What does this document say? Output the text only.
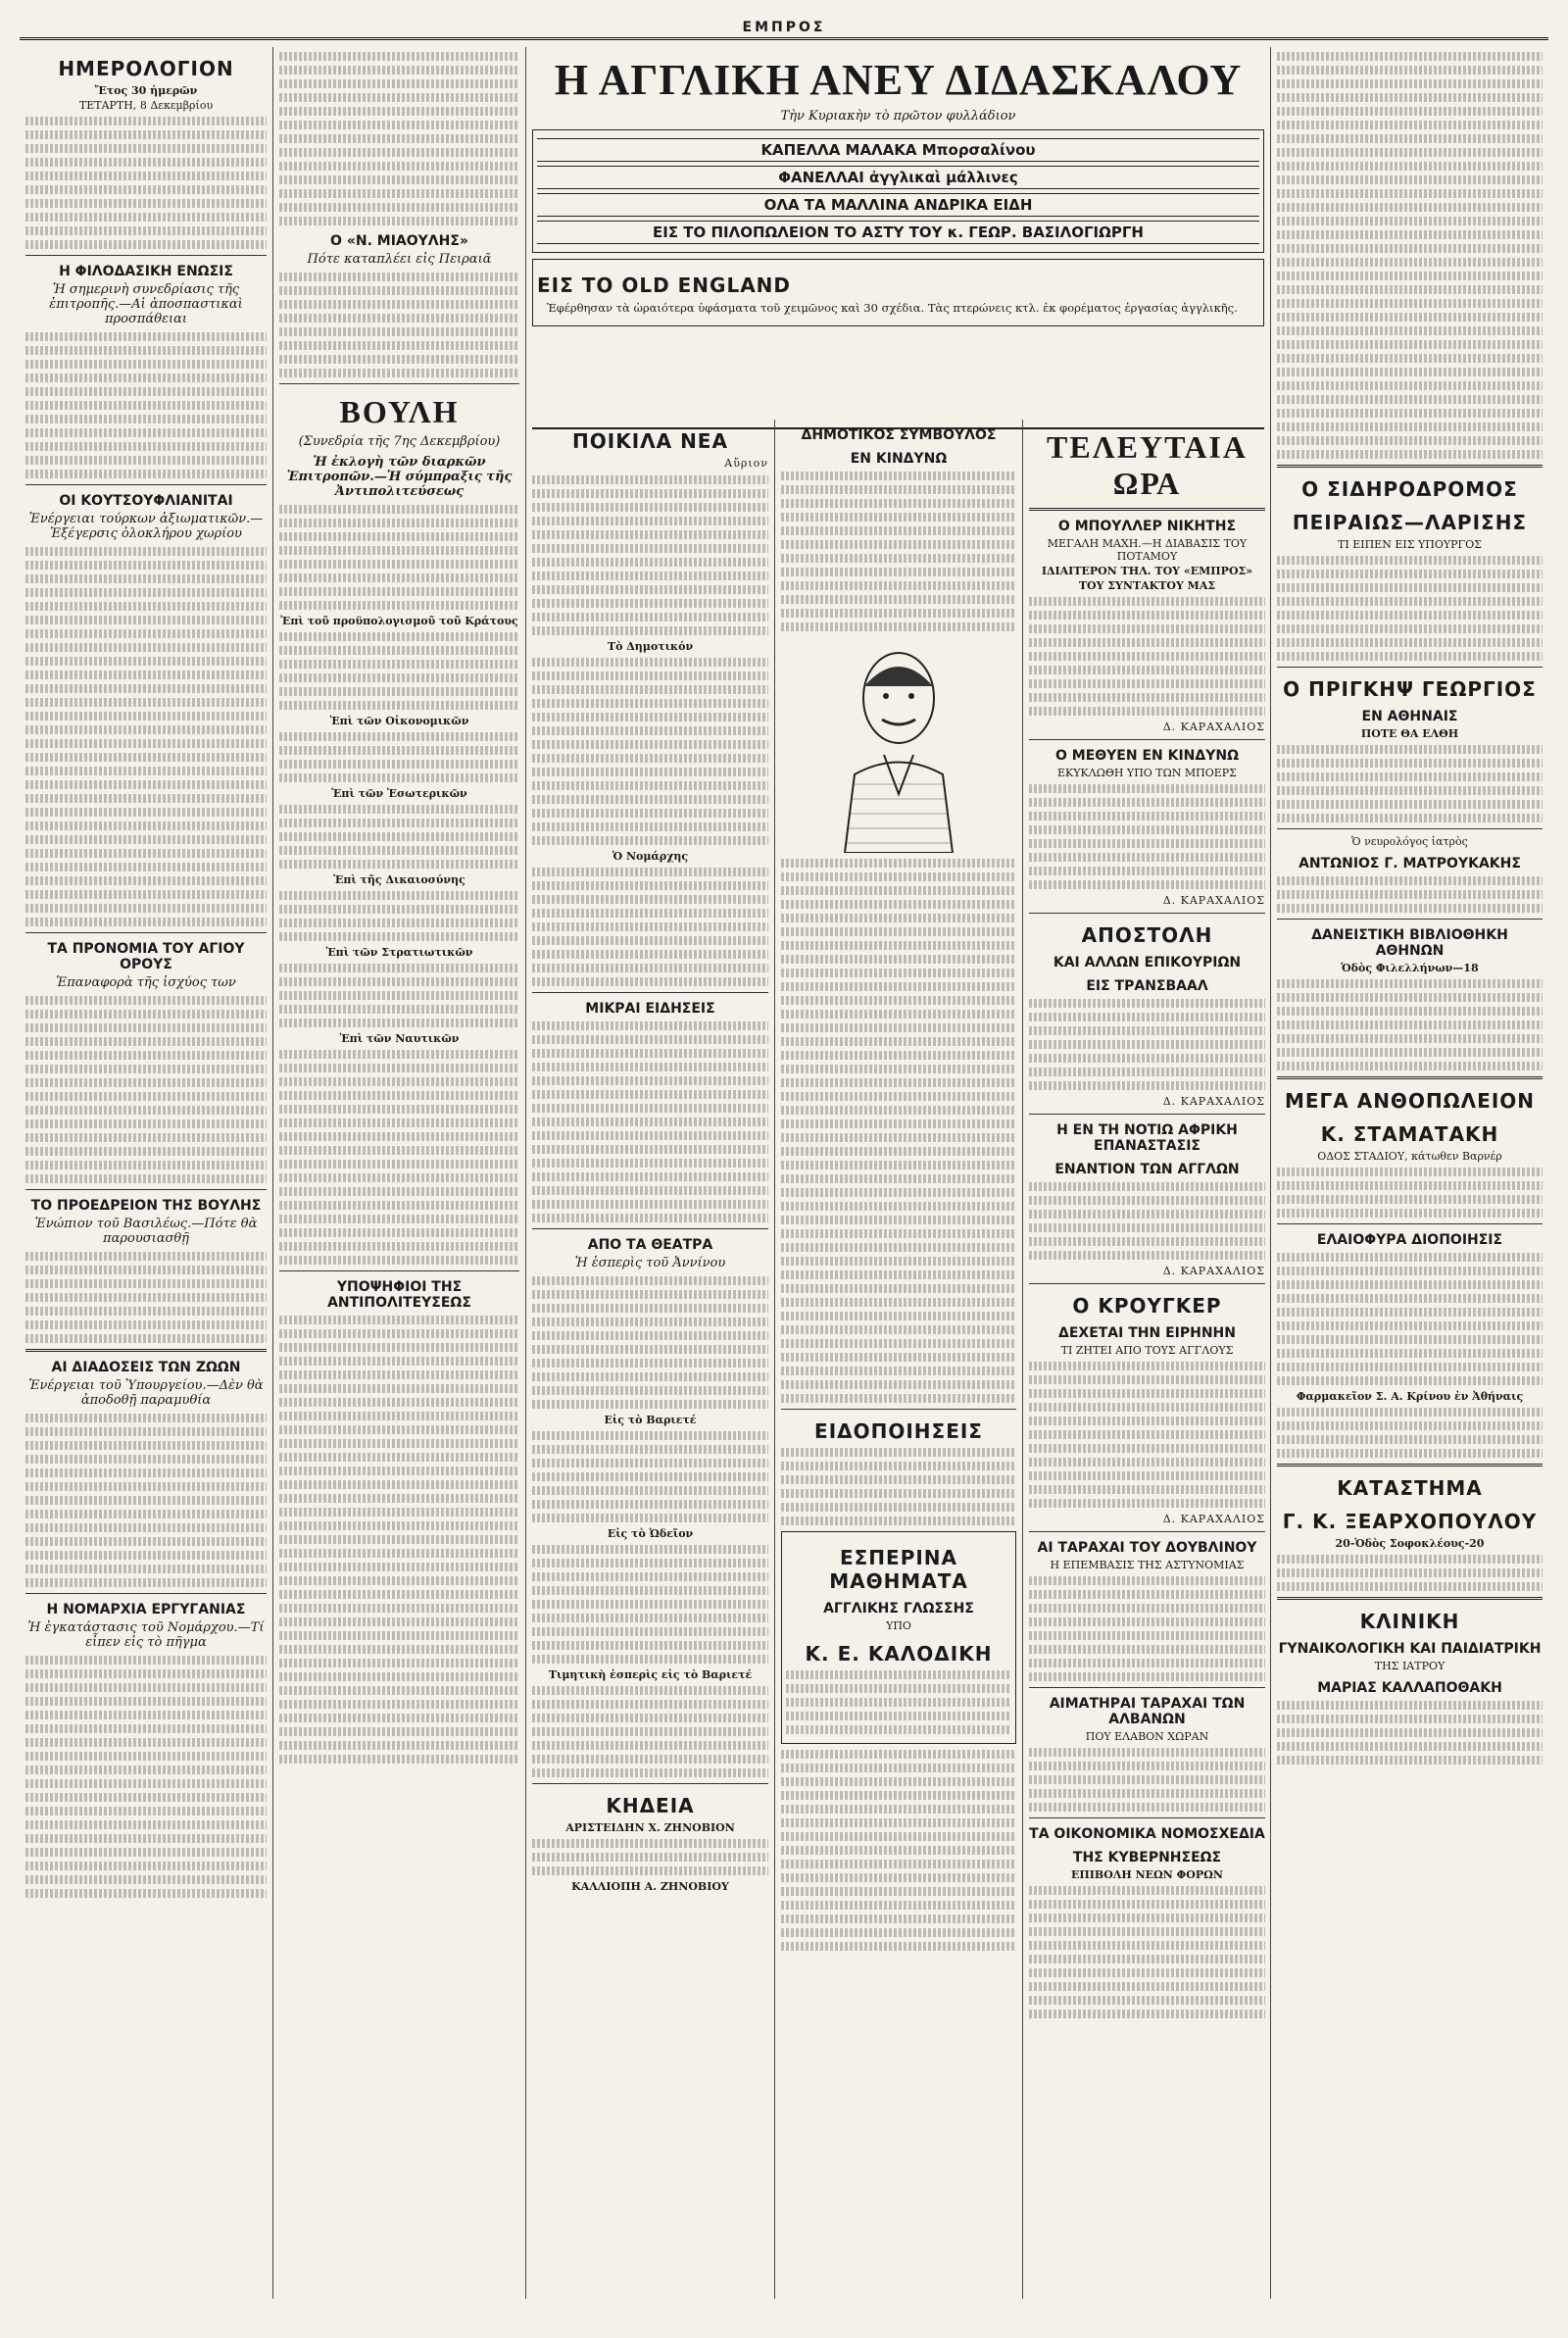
ΕΜΠΡΟΣ
ΗΜΕΡΟΛΟΓΙΟΝ

Ἔτος 30 ἡμερῶν

ΤΕΤΑΡΤΗ, 8 Δεκεμβρίου

Η ΦΙΛΟΔΑΣΙΚΗ ΕΝΩΣΙΣ

Ἡ σημερινὴ συνεδρίασις τῆς ἐπιτροπῆς.—Αἱ ἀποσπαστικαὶ προσπάθειαι

ΟΙ ΚΟΥΤΣΟΥΦΛΙΑΝΙΤΑΙ

Ἐνέργειαι τούρκων ἀξιωματικῶν.—Ἐξέγερσις ὁλοκλήρου χωρίου

ΤΑ ΠΡΟΝΟΜΙΑ ΤΟΥ ΑΓΙΟΥ ΟΡΟΥΣ

Ἐπαναφορὰ τῆς ἰσχύος των

ΤΟ ΠΡΟΕΔΡΕΙΟΝ ΤΗΣ ΒΟΥΛΗΣ

Ἐνώπιον τοῦ Βασιλέως.—Πότε θὰ παρουσιασθῇ

ΑΙ ΔΙΑΔΟΣΕΙΣ ΤΩΝ ΖΩΩΝ

Ἐνέργειαι τοῦ Ὑπουργείου.—Δὲν θὰ ἀποδοθῇ παραμυθία

Η ΝΟΜΑΡΧΙΑ ΕΡΓΥΓΑΝΙΑΣ

Ἡ ἐγκατάστασις τοῦ Νομάρχου.—Τί εἶπεν εἰς τὸ πῆγμα

Ο «Ν. ΜΙΑΟΥΛΗΣ»

Πότε καταπλέει εἰς Πειραιᾶ

ΒΟΥΛΗ

(Συνεδρία τῆς 7ης Δεκεμβρίου)

Ἡ ἐκλογὴ τῶν διαρκῶν Ἐπιτροπῶν.—Ἡ σύμπραξις τῆς Ἀντιπολιτεύσεως

Ἐπὶ τοῦ προϋπολογισμοῦ τοῦ Κράτους

Ἐπὶ τῶν Οἰκονομικῶν

Ἐπὶ τῶν Ἐσωτερικῶν

Ἐπὶ τῆς Δικαιοσύνης

Ἐπὶ τῶν Στρατιωτικῶν

Ἐπὶ τῶν Ναυτικῶν

ΥΠΟΨΗΦΙΟΙ ΤΗΣ ΑΝΤΙΠΟΛΙΤΕΥΣΕΩΣ
Η ΑΓΓΛΙΚΗ ΑΝΕΥ ΔΙΔΑΣΚΑΛΟΥ

Τὴν Κυριακὴν τὸ πρῶτον φυλλάδιον

ΚΑΠΕΛΛΑ ΜΑΛΑΚΑ Μπορσαλίνου
ΦΑΝΕΛΛΑΙ ἀγγλικαὶ μάλλινες
ΟΛΑ ΤΑ ΜΑΛΛΙΝΑ ΑΝΔΡΙΚΑ ΕΙΔΗ
ΕΙΣ ΤΟ ΠΙΛΟΠΩΛΕΙΟΝ ΤΟ ΑΣΤΥ ΤΟΥ κ. ΓΕΩΡ. ΒΑΣΙΛΟΓΙΩΡΓΗ
ΕΙΣ ΤΟ OLD ENGLAND

Ἐφέρθησαν τὰ ὡραιότερα ὑφάσματα τοῦ χειμῶνος καὶ 30 σχέδια. Τὰς πτερώνεις κτλ. ἐκ φορέματος ἐργασίας ἀγγλικῆς.

ΠΟΙΚΙΛΑ ΝΕΑ

Αὔριον

Τὸ Δημοτικόν

Ὁ Νομάρχης

ΜΙΚΡΑΙ ΕΙΔΗΣΕΙΣ
ΑΠΟ ΤΑ ΘΕΑΤΡΑ

Ἡ ἑσπερὶς τοῦ Ἀννίνου

Εἰς τὸ Βαριετέ

Εἰς τὸ Ὠδεῖον

Τιμητικὴ ἑσπερὶς εἰς τὸ Βαριετέ

ΚΗΔΕΙΑ

ΑΡΙΣΤΕΙΔΗΝ Χ. ΖΗΝΟΒΙΟΝ

ΚΑΛΛΙΟΠΗ Α. ΖΗΝΟΒΙΟΥ

ΔΗΜΟΤΙΚΟΣ ΣΥΜΒΟΥΛΟΣ
ΕΝ ΚΙΝΔΥΝΩ
ΕΙΔΟΠΟΙΗΣΕΙΣ
ΕΣΠΕΡΙΝΑ ΜΑΘΗΜΑΤΑ
ΑΓΓΛΙΚΗΣ ΓΛΩΣΣΗΣ

ΥΠΟ

Κ. Ε. ΚΑΛΟΔΙΚΗ
ΤΕΛΕΥΤΑΙΑ ΩΡΑ
Ο ΜΠΟΥΛΛΕΡ ΝΙΚΗΤΗΣ

ΜΕΓΑΛΗ ΜΑΧΗ.—Η ΔΙΑΒΑΣΙΣ ΤΟΥ ΠΟΤΑΜΟΥ

ΙΔΙΑΙΤΕΡΟΝ ΤΗΛ. ΤΟΥ «ΕΜΠΡΟΣ»

ΤΟΥ ΣΥΝΤΑΚΤΟΥ ΜΑΣ

Δ. ΚΑΡΑΧΑΛΙΟΣ

Ο ΜΕΘΥΕΝ ΕΝ ΚΙΝΔΥΝΩ

ΕΚΥΚΛΩΘΗ ΥΠΟ ΤΩΝ ΜΠΟΕΡΣ

Δ. ΚΑΡΑΧΑΛΙΟΣ

ΑΠΟΣΤΟΛΗ
ΚΑΙ ΑΛΛΩΝ ΕΠΙΚΟΥΡΙΩΝ
ΕΙΣ ΤΡΑΝΣΒΑΑΛ

Δ. ΚΑΡΑΧΑΛΙΟΣ

Η ΕΝ ΤΗ ΝΟΤΙΩ ΑΦΡΙΚΗ ΕΠΑΝΑΣΤΑΣΙΣ
ΕΝΑΝΤΙΟΝ ΤΩΝ ΑΓΓΛΩΝ

Δ. ΚΑΡΑΧΑΛΙΟΣ

Ο ΚΡΟΥΓΚΕΡ
ΔΕΧΕΤΑΙ ΤΗΝ ΕΙΡΗΝΗΝ

ΤΙ ΖΗΤΕΙ ΑΠΟ ΤΟΥΣ ΑΓΓΛΟΥΣ

Δ. ΚΑΡΑΧΑΛΙΟΣ

ΑΙ ΤΑΡΑΧΑΙ ΤΟΥ ΔΟΥΒΛΙΝΟΥ

Η ΕΠΕΜΒΑΣΙΣ ΤΗΣ ΑΣΤΥΝΟΜΙΑΣ

ΑΙΜΑΤΗΡΑΙ ΤΑΡΑΧΑΙ ΤΩΝ ΑΛΒΑΝΩΝ

ΠΟΥ ΕΛΑΒΟΝ ΧΩΡΑΝ

ΤΑ ΟΙΚΟΝΟΜΙΚΑ ΝΟΜΟΣΧΕΔΙΑ
ΤΗΣ ΚΥΒΕΡΝΗΣΕΩΣ

ΕΠΙΒΟΛΗ ΝΕΩΝ ΦΟΡΩΝ

Ο ΣΙΔΗΡΟΔΡΟΜΟΣ
ΠΕΙΡΑΙΩΣ—ΛΑΡΙΣΗΣ

ΤΙ ΕΙΠΕΝ ΕΙΣ ΥΠΟΥΡΓΟΣ

Ο ΠΡΙΓΚΗΨ ΓΕΩΡΓΙΟΣ
ΕΝ ΑΘΗΝΑΙΣ

ΠΟΤΕ ΘΑ ΕΛΘΗ

Ὁ νευρολόγος ἰατρὸς

ΑΝΤΩΝΙΟΣ Γ. ΜΑΤΡΟΥΚΑΚΗΣ
ΔΑΝΕΙΣΤΙΚΗ ΒΙΒΛΙΟΘΗΚΗ ΑΘΗΝΩΝ

Ὁδὸς Φιλελλήνων—18

ΜΕΓΑ ΑΝΘΟΠΩΛΕΙΟΝ
Κ. ΣΤΑΜΑΤΑΚΗ

ΟΔΟΣ ΣΤΑΔΙΟΥ, κάτωθεν Βαρνέρ

ΕΛΑΙΟΦΥΡΑ ΔΙΟΠΟΙΗΣΙΣ

Φαρμακεῖον Σ. Α. Κρίνου ἐν Ἀθήναις

ΚΑΤΑΣΤΗΜΑ
Γ. Κ. ΞΕΑΡΧΟΠΟΥΛΟΥ

20-Ὁδὸς Σοφοκλέους-20

ΚΛΙΝΙΚΗ
ΓΥΝΑΙΚΟΛΟΓΙΚΗ ΚΑΙ ΠΑΙΔΙΑΤΡΙΚΗ

ΤΗΣ ΙΑΤΡΟΥ

ΜΑΡΙΑΣ ΚΑΛΛΑΠΟΘΑΚΗ
